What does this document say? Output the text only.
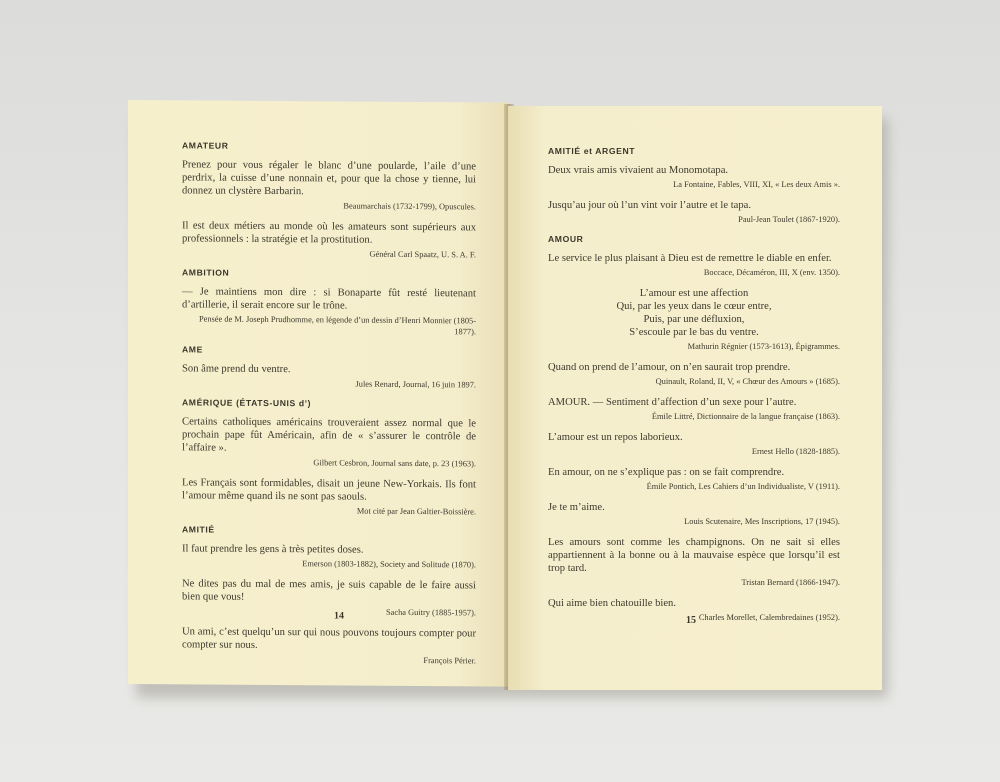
AMATEUR
Prenez pour vous régaler le blanc d’une poularde, l’aile d’une perdrix, la cuisse d’une nonnain et, pour que la chose y tienne, lui donnez un clystère Barbarin.
Beaumarchais (1732-1799), Opuscules.
Il est deux métiers au monde où les amateurs sont supérieurs aux professionnels : la stratégie et la prostitution.
Général Carl Spaatz, U. S. A. F.
AMBITION
— Je maintiens mon dire : si Bonaparte fût resté lieutenant d’artillerie, il serait encore sur le trône.
Pensée de M. Joseph Prudhomme, en légende d’un dessin d’Henri Monnier (1805-1877).
AME
Son âme prend du ventre.
Jules Renard, Journal, 16 juin 1897.
AMÉRIQUE (ÉTATS-UNIS d’)
Certains catholiques américains trouveraient assez normal que le prochain pape fût Américain, afin de « s’assurer le contrôle de l’affaire ».
Gilbert Cesbron, Journal sans date, p. 23 (1963).
Les Français sont formidables, disait un jeune New-Yorkais. Ils font l’amour même quand ils ne sont pas saouls.
Mot cité par Jean Galtier-Boissière.
AMITIÉ
Il faut prendre les gens à très petites doses.
Emerson (1803-1882), Society and Solitude (1870).
Ne dites pas du mal de mes amis, je suis capable de le faire aussi bien que vous!
Sacha Guitry (1885-1957).
Un ami, c’est quelqu’un sur qui nous pouvons toujours compter pour compter sur nous.
François Périer.
14
AMITIÉ et ARGENT
Deux vrais amis vivaient au Monomotapa.
La Fontaine, Fables, VIII, XI, « Les deux Amis ».
Jusqu’au jour où l’un vint voir l’autre et le tapa.
Paul-Jean Toulet (1867-1920).
AMOUR
Le service le plus plaisant à Dieu est de remettre le diable en enfer.
Boccace, Décaméron, III, X (env. 1350).
L’amour est une affection
Qui, par les yeux dans le cœur entre,
Puis, par une défluxion,
S’escoule par le bas du ventre.
Mathurin Régnier (1573-1613), Épigrammes.
Quand on prend de l’amour, on n’en saurait trop prendre.
Quinault, Roland, II, V, « Chœur des Amours » (1685).
AMOUR. — Sentiment d’affection d’un sexe pour l’autre.
Émile Littré, Dictionnaire de la langue française (1863).
L’amour est un repos laborieux.
Ernest Hello (1828-1885).
En amour, on ne s’explique pas : on se fait comprendre.
Émile Pontich, Les Cahiers d’un Individualiste, V (1911).
Je te m’aime.
Louis Scutenaire, Mes Inscriptions, 17 (1945).
Les amours sont comme les champignons. On ne sait si elles appartiennent à la bonne ou à la mauvaise espèce que lorsqu’il est trop tard.
Tristan Bernard (1866-1947).
Qui aime bien chatouille bien.
Charles Morellet, Calembredaines (1952).
15
